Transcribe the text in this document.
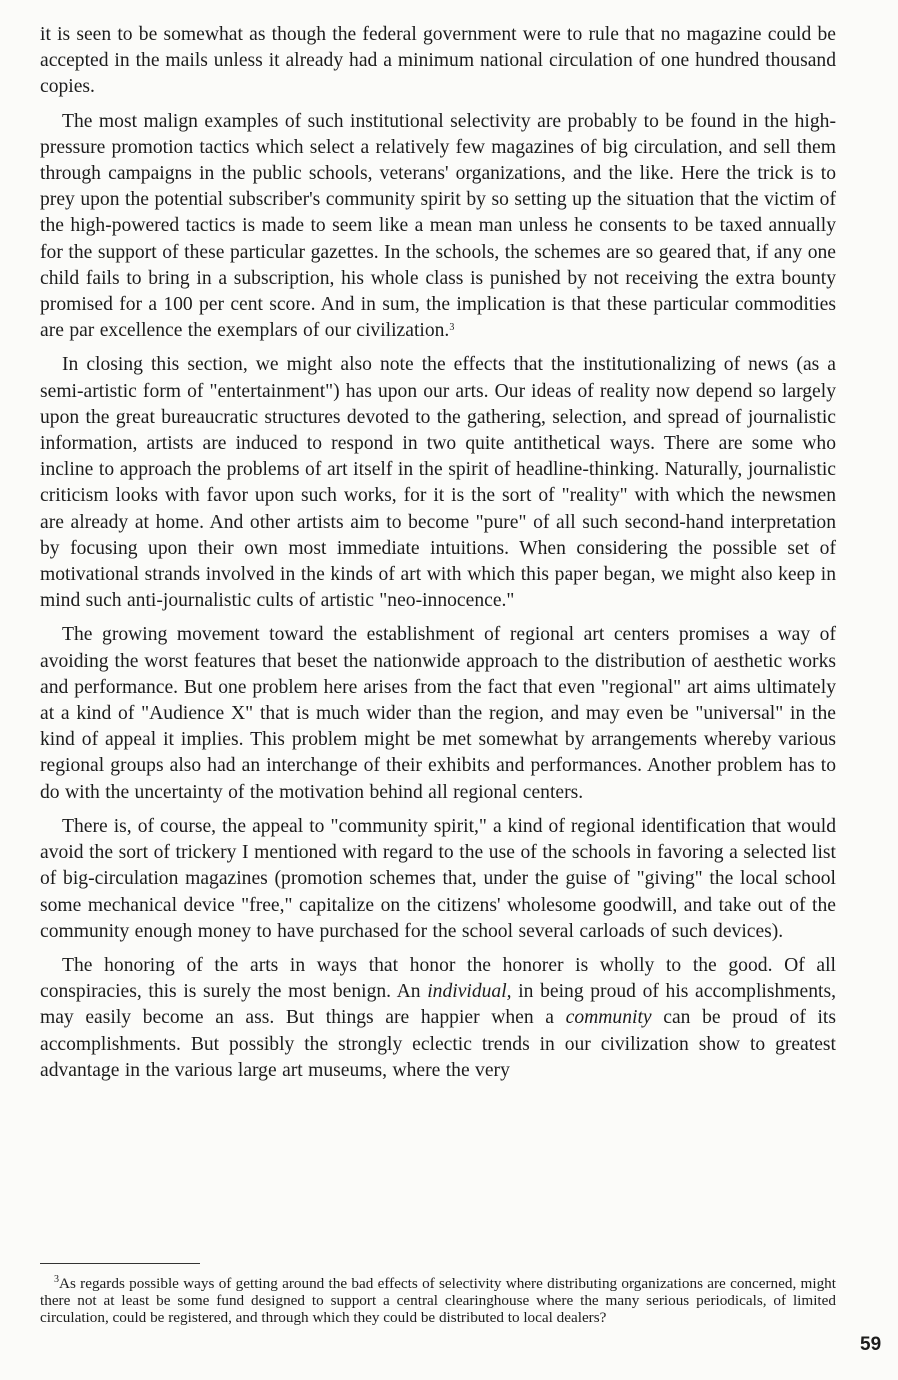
it is seen to be somewhat as though the federal government were to rule that no magazine could be accepted in the mails unless it already had a minimum national circulation of one hundred thousand copies.

The most malign examples of such institutional selectivity are probably to be found in the high-pressure promotion tactics which select a relatively few magazines of big circulation, and sell them through campaigns in the public schools, veterans' organizations, and the like. Here the trick is to prey upon the potential subscriber's community spirit by so setting up the situation that the victim of the high-powered tactics is made to seem like a mean man unless he consents to be taxed annually for the support of these particular gazettes. In the schools, the schemes are so geared that, if any one child fails to bring in a subscription, his whole class is punished by not receiving the extra bounty promised for a 100 per cent score. And in sum, the implication is that these particular commodities are par excellence the exemplars of our civilization.$^3$

In closing this section, we might also note the effects that the institutionalizing of news (as a semi-artistic form of "entertainment") has upon our arts. Our ideas of reality now depend so largely upon the great bureaucratic structures devoted to the gathering, selection, and spread of journalistic information, artists are induced to respond in two quite antithetical ways. There are some who incline to approach the problems of art itself in the spirit of headline-thinking. Naturally, journalistic criticism looks with favor upon such works, for it is the sort of "reality" with which the newsmen are already at home. And other artists aim to become "pure" of all such second-hand interpretation by focusing upon their own most immediate intuitions. When considering the possible set of motivational strands involved in the kinds of art with which this paper began, we might also keep in mind such anti-journalistic cults of artistic "neo-innocence."

The growing movement toward the establishment of regional art centers promises a way of avoiding the worst features that beset the nationwide approach to the distribution of aesthetic works and performance. But one problem here arises from the fact that even "regional" art aims ultimately at a kind of "Audience X" that is much wider than the region, and may even be "universal" in the kind of appeal it implies. This problem might be met somewhat by arrangements whereby various regional groups also had an interchange of their exhibits and performances. Another problem has to do with the uncertainty of the motivation behind all regional centers.

There is, of course, the appeal to "community spirit," a kind of regional identification that would avoid the sort of trickery I mentioned with regard to the use of the schools in favoring a selected list of big-circulation magazines (promotion schemes that, under the guise of "giving" the local school some mechanical device "free," capitalize on the citizens' wholesome goodwill, and take out of the community enough money to have purchased for the school several carloads of such devices).

The honoring of the arts in ways that honor the honorer is wholly to the good. Of all conspiracies, this is surely the most benign. An individual, in being proud of his accomplishments, may easily become an ass. But things are happier when a community can be proud of its accomplishments. But possibly the strongly eclectic trends in our civilization show to greatest advantage in the various large art museums, where the very

$^3$As regards possible ways of getting around the bad effects of selectivity where distributing organizations are concerned, might there not at least be some fund designed to support a central clearinghouse where the many serious periodicals, of limited circulation, could be registered, and through which they could be distributed to local dealers?

59
